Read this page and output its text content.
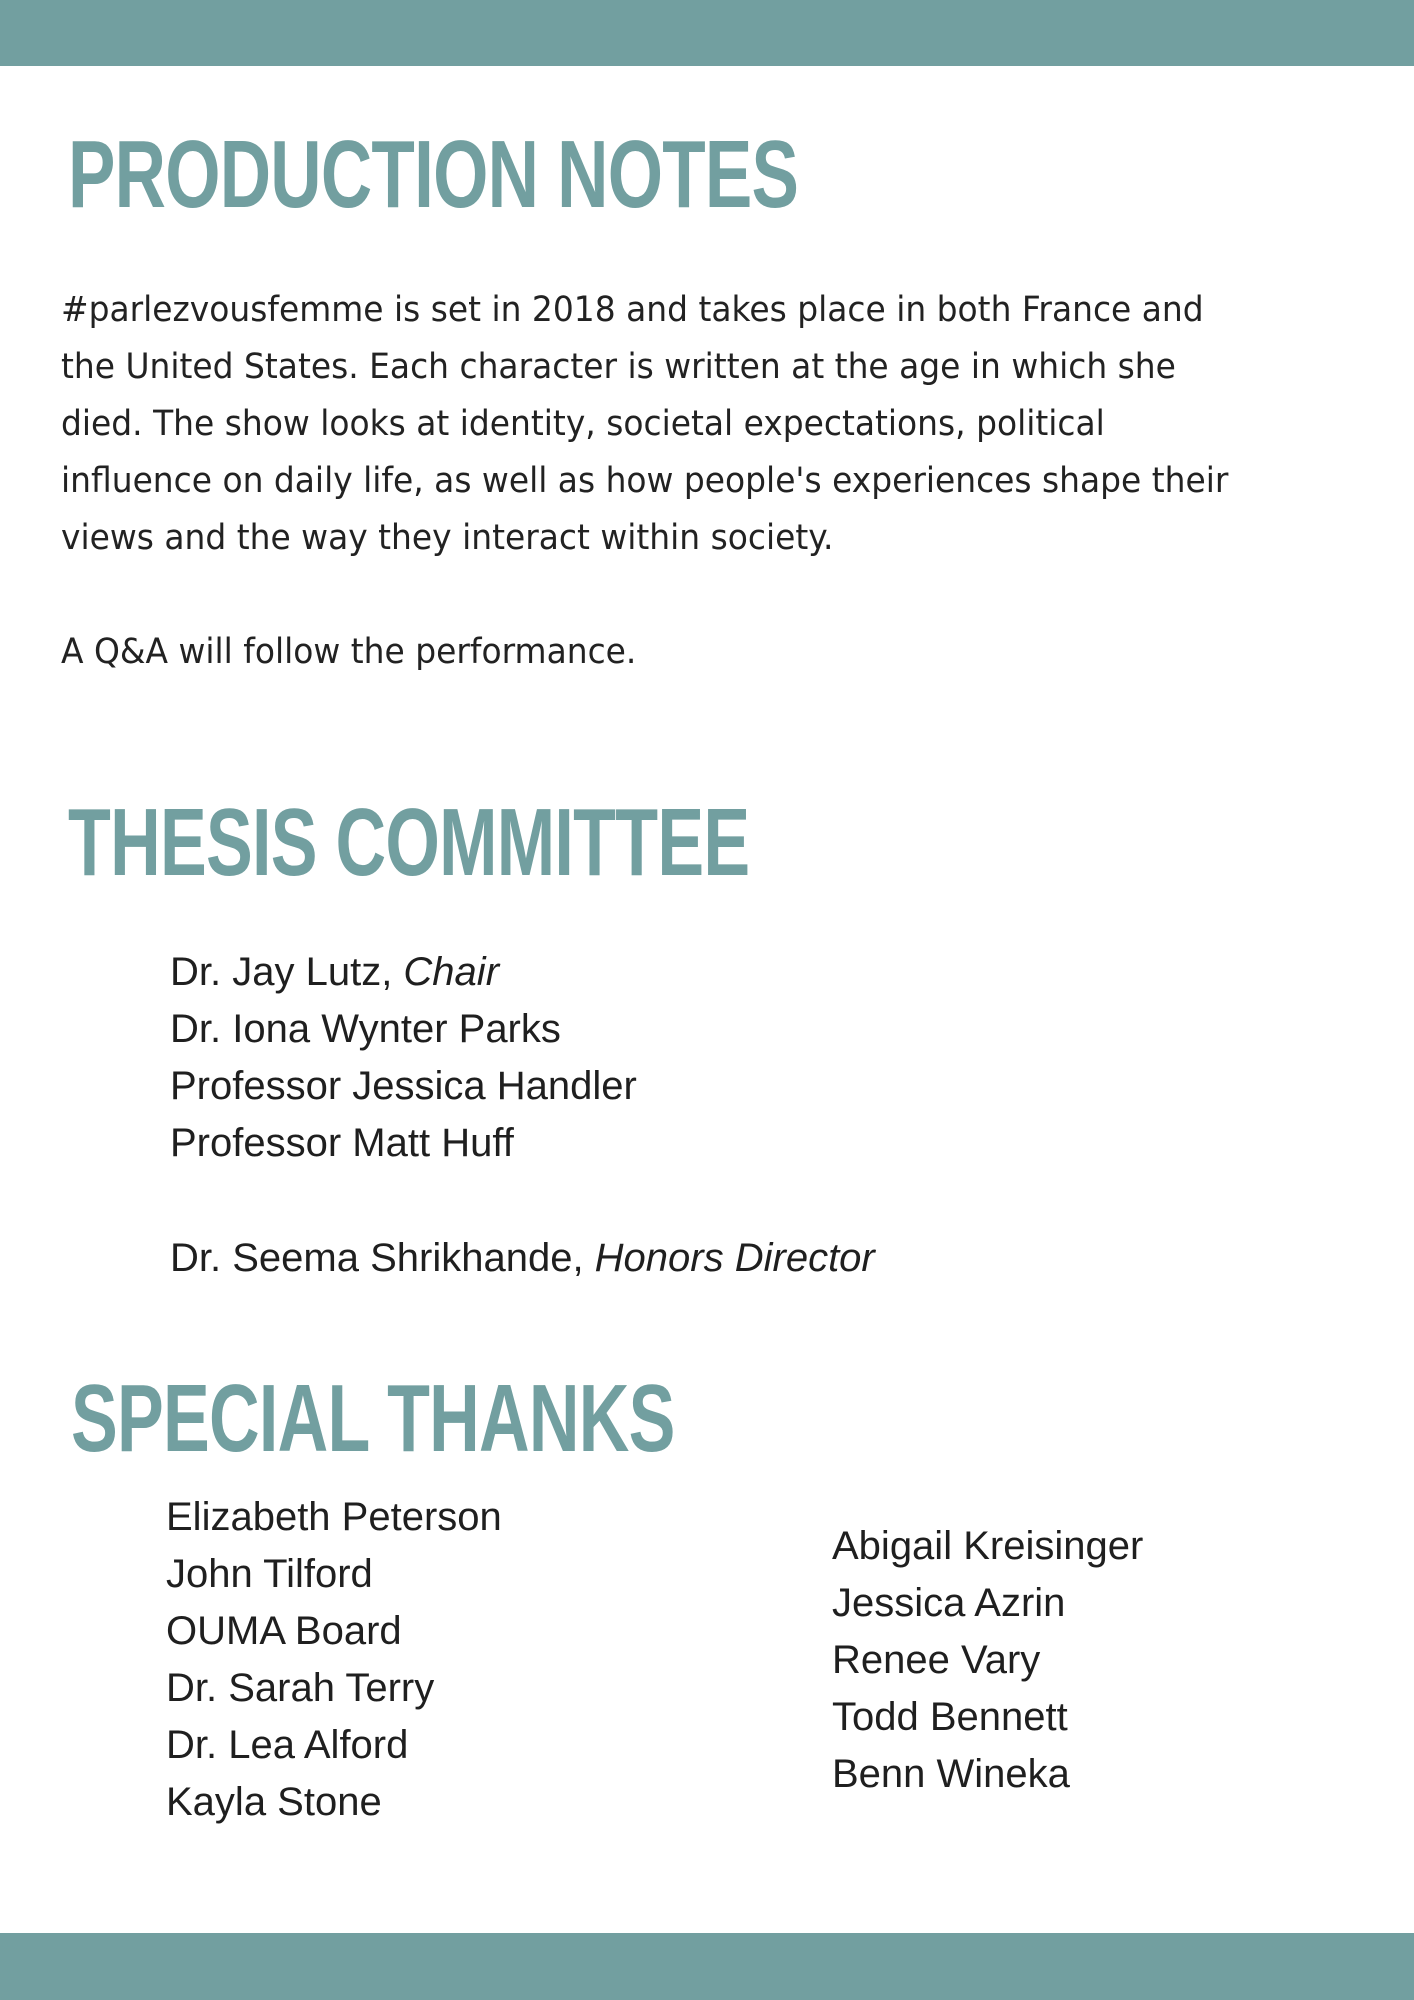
PRODUCTION NOTES

#parlezvousfemme is set in 2018 and takes place in both France and
the United States. Each character is written at the age in which she
died. The show looks at identity, societal expectations, political
influence on daily life, as well as how people's experiences shape their
views and the way they interact within society.

A Q&A will follow the performance.

THESIS COMMITTEE
Dr. Jay Lutz, Chair
Dr. Iona Wynter Parks
Professor Jessica Handler
Professor Matt Huff
Dr. Seema Shrikhande, Honors Director
SPECIAL THANKS
Elizabeth Peterson
John Tilford
OUMA Board
Dr. Sarah Terry
Dr. Lea Alford
Kayla Stone
Abigail Kreisinger
Jessica Azrin
Renee Vary
Todd Bennett
Benn Wineka
